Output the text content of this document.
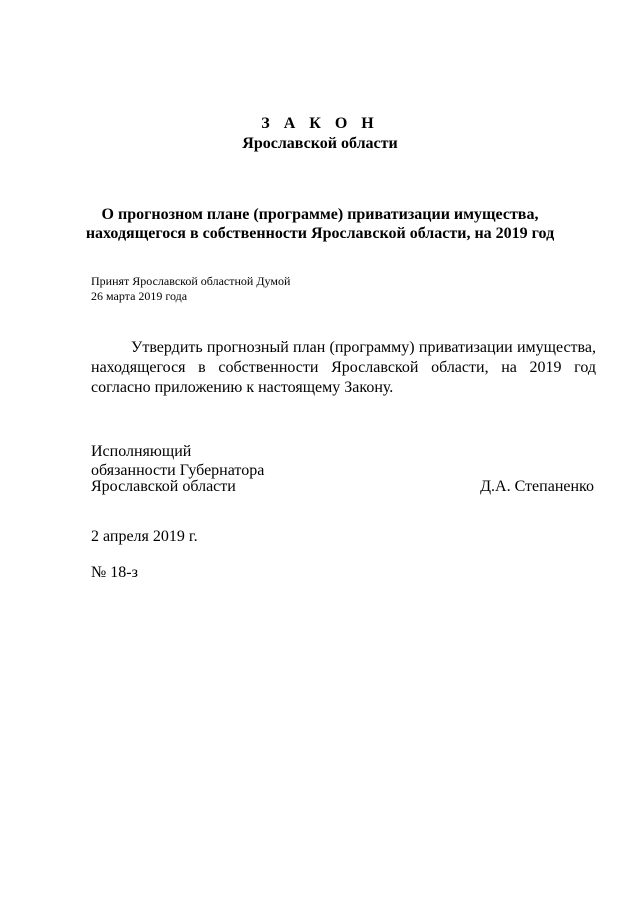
З А К О Н
Ярославской области
О прогнозном плане (программе) приватизации имущества,
находящегося в собственности Ярославской области, на 2019 год
Принят Ярославской областной Думой
26 марта 2019 года
Утвердить прогнозный план (программу) приватизации имущества, находящегося в собственности Ярославской области, на 2019 год согласно приложению к настоящему Закону.
Исполняющий
обязанности Губернатора
Ярославской области	Д.А. Степаненко
2 апреля 2019 г.
№ 18-з
